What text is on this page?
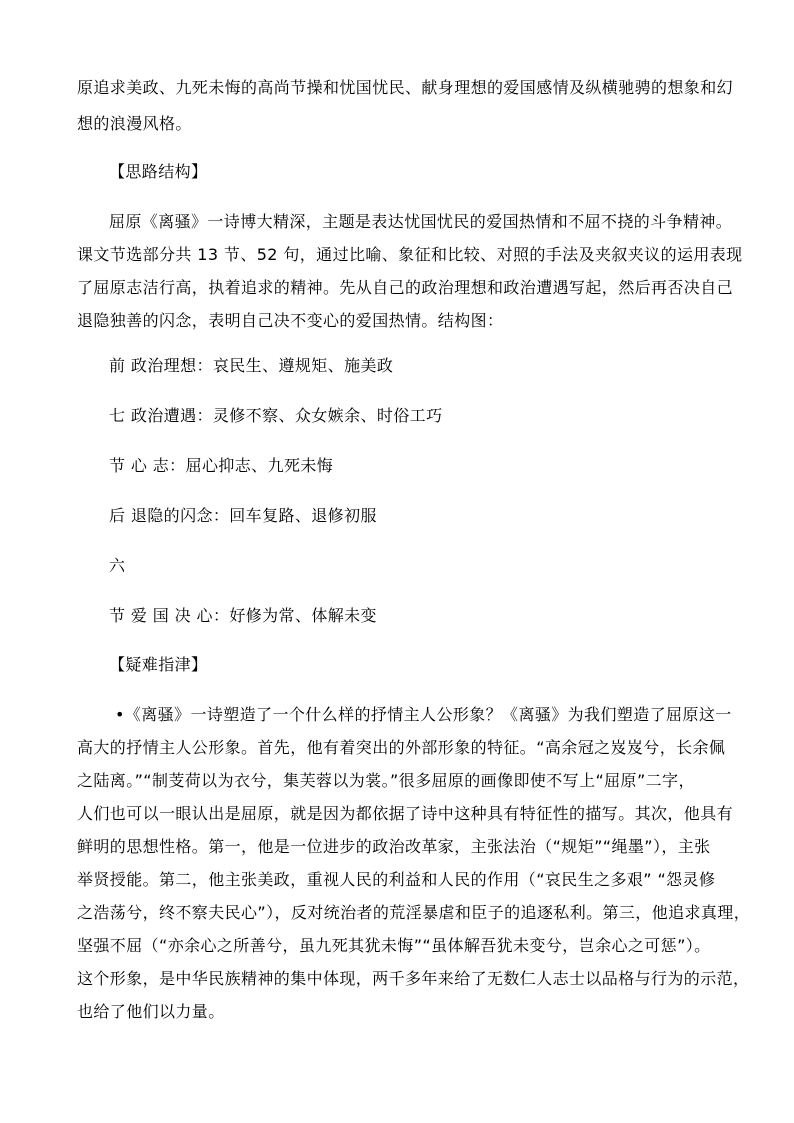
原追求美政、九死未悔的高尚节操和忧国忧民、献身理想的爱国感情及纵横驰骋的想象和幻
想的浪漫风格。
【思路结构】
屈原《离骚》一诗博大精深，主题是表达忧国忧民的爱国热情和不屈不挠的斗争精神。
课文节选部分共 13 节、52 句，通过比喻、象征和比较、对照的手法及夹叙夹议的运用表现
了屈原志洁行高，执着追求的精神。先从自己的政治理想和政治遭遇写起，然后再否决自己
退隐独善的闪念，表明自己决不变心的爱国热情。结构图：
前 政治理想：哀民生、遵规矩、施美政
七 政治遭遇：灵修不察、众女嫉余、时俗工巧
节 心 志：屈心抑志、九死未悔
后 退隐的闪念：回车复路、退修初服
六
节 爱 国 决 心：好修为常、体解未变
【疑难指津】
•《离骚》一诗塑造了一个什么样的抒情主人公形象？《离骚》为我们塑造了屈原这一
高大的抒情主人公形象。首先，他有着突出的外部形象的特征。“高余冠之岌岌兮，长余佩
之陆离。”“制芰荷以为衣兮，集芙蓉以为裳。”很多屈原的画像即使不写上“屈原”二字，
人们也可以一眼认出是屈原，就是因为都依据了诗中这种具有特征性的描写。其次，他具有
鲜明的思想性格。第一，他是一位进步的政治改革家，主张法治（“规矩”“绳墨”），主张
举贤授能。第二，他主张美政，重视人民的利益和人民的作用（“哀民生之多艰” “怨灵修
之浩荡兮，终不察夫民心”），反对统治者的荒淫暴虐和臣子的追逐私利。第三，他追求真理，
坚强不屈（“亦余心之所善兮，虽九死其犹未悔”“虽体解吾犹未变兮，岂余心之可惩”）。
这个形象，是中华民族精神的集中体现，两千多年来给了无数仁人志士以品格与行为的示范，
也给了他们以力量。
